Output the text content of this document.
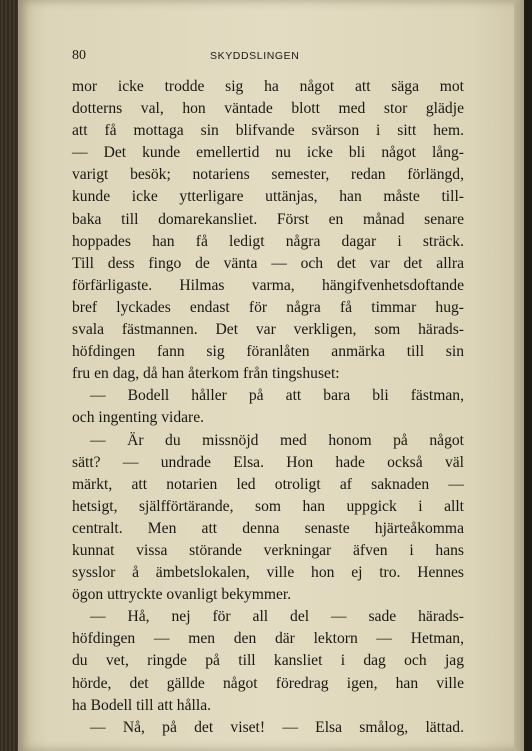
80	SKYDDSLINGEN
mor icke trodde sig ha något att säga mot
dotterns val, hon väntade blott med stor glädje
att få mottaga sin blifvande svärson i sitt hem.
— Det kunde emellertid nu icke bli något lång-
varigt besök; notariens semester, redan förlängd,
kunde icke ytterligare uttänjas, han måste till-
baka till domarekansliet. Först en månad senare
hoppades han få ledigt några dagar i sträck.
Till dess fingo de vänta — och det var det allra
förfärligaste. Hilmas varma, hängifvenhetsdoftande
bref lyckades endast för några få timmar hug-
svala fästmannen. Det var verkligen, som härads-
höfdingen fann sig föranlåten anmärka till sin
fru en dag, då han återkom från tingshuset:
— Bodell håller på att bara bli fästman,
och ingenting vidare.
— Är du missnöjd med honom på något
sätt? — undrade Elsa. Hon hade också väl
märkt, att notarien led otroligt af saknaden —
hetsigt, själfförtärande, som han uppgick i allt
centralt. Men att denna senaste hjärteåkomma
kunnat vissa störande verkningar äfven i hans
sysslor å ämbetslokalen, ville hon ej tro. Hennes
ögon uttryckte ovanligt bekymmer.
— Hå, nej för all del — sade härads-
höfdingen — men den där lektorn — Hetman,
du vet, ringde på till kansliet i dag och jag
hörde, det gällde något föredrag igen, han ville
ha Bodell till att hålla.
— Nå, på det viset! — Elsa smålog, lättad.
